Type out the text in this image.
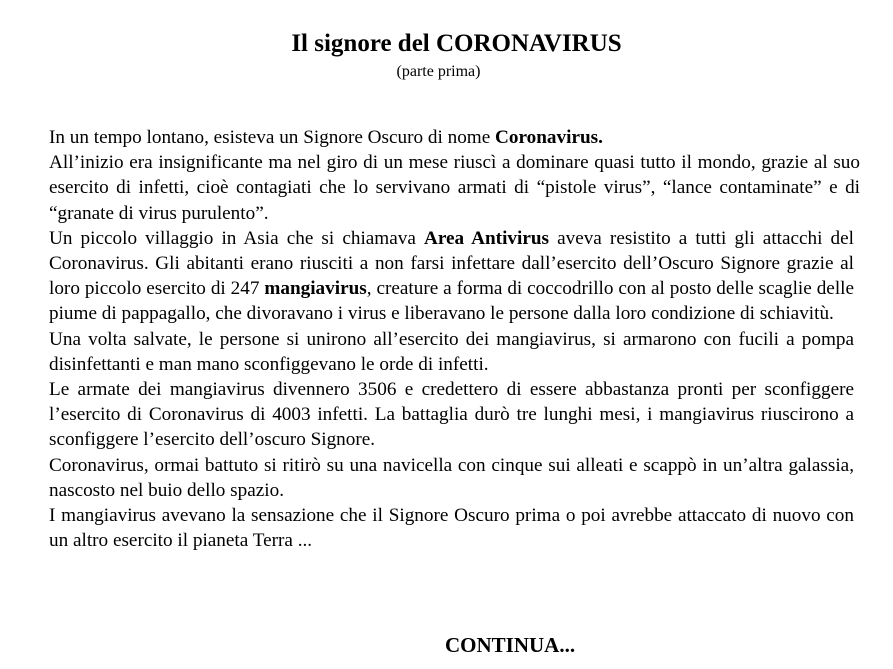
Il signore del CORONAVIRUS
(parte prima)

In un tempo lontano, esisteva un Signore Oscuro di nome Coronavirus.

All’inizio era insignificante ma nel giro di un mese riuscì a dominare quasi tutto il mondo, grazie al suo esercito di infetti, cioè contagiati che lo servivano armati di “pistole virus”, “lance contaminate” e di “granate di virus purulento”.

Un piccolo villaggio in Asia che si chiamava Area Antivirus aveva resistito a tutti gli attacchi del Coronavirus. Gli abitanti erano riusciti a non farsi infettare dall’esercito dell’Oscuro Signore grazie al loro piccolo esercito di 247 mangiavirus, creature a forma di coccodrillo con al posto delle scaglie delle piume di pappagallo, che divoravano i virus e liberavano le persone dalla loro condizione di schiavitù.

Una volta salvate, le persone si unirono all’esercito dei mangiavirus, si armarono con fucili a pompa disinfettanti e man mano sconfiggevano le orde di infetti.

Le armate dei mangiavirus divennero 3506 e credettero di essere abbastanza pronti per sconfiggere l’esercito di Coronavirus di 4003 infetti. La battaglia durò tre lunghi mesi, i mangiavirus riuscirono a sconfiggere l’esercito dell’oscuro Signore.

Coronavirus, ormai battuto si ritirò su una navicella con cinque sui alleati e scappò in un’altra galassia, nascosto nel buio dello spazio.

I mangiavirus avevano la sensazione che il Signore Oscuro prima o poi avrebbe attaccato di nuovo con un altro esercito il pianeta Terra ...

CONTINUA...
